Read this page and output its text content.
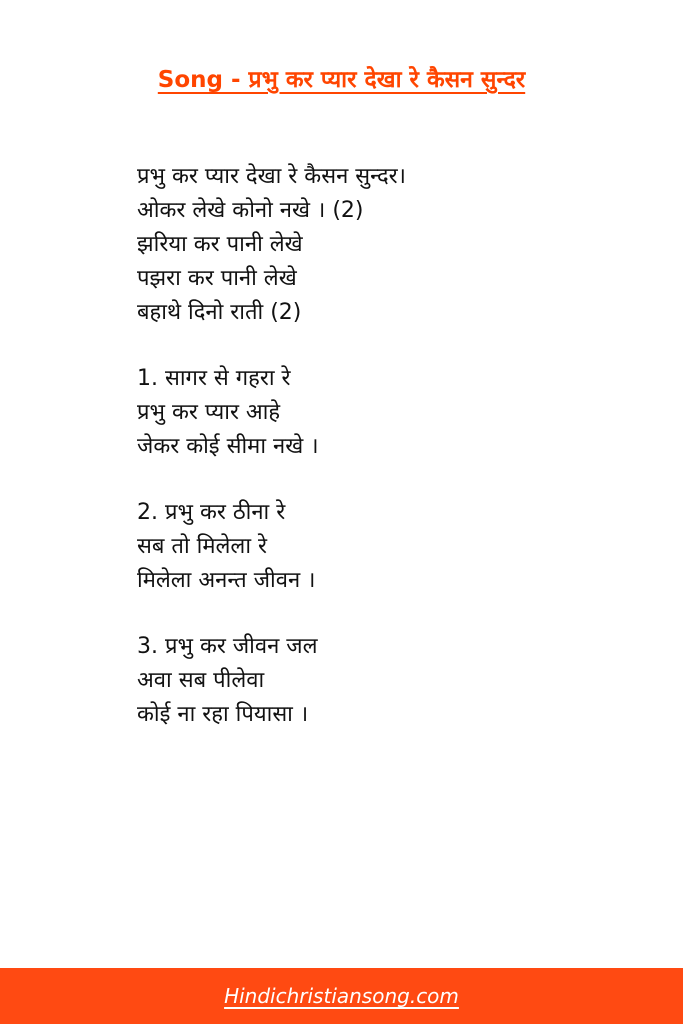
Song - प्रभु कर प्यार देखा रे कैसन सुन्दर
प्रभु कर प्यार देखा रे कैसन सुन्दर।
ओकर लेखे कोनो नखे । (2)
झरिया कर पानी लेखे
पझरा कर पानी लेखे
बहाथे दिनो राती (2)
1. सागर से गहरा रे
प्रभु कर प्यार आहे
जेकर कोई सीमा नखे ।
2. प्रभु कर ठीना रे
सब तो मिलेला रे
मिलेला अनन्त जीवन ।
3. प्रभु कर जीवन जल
अवा सब पीलेवा
कोई ना रहा पियासा ।
Hindichristiansong.com
